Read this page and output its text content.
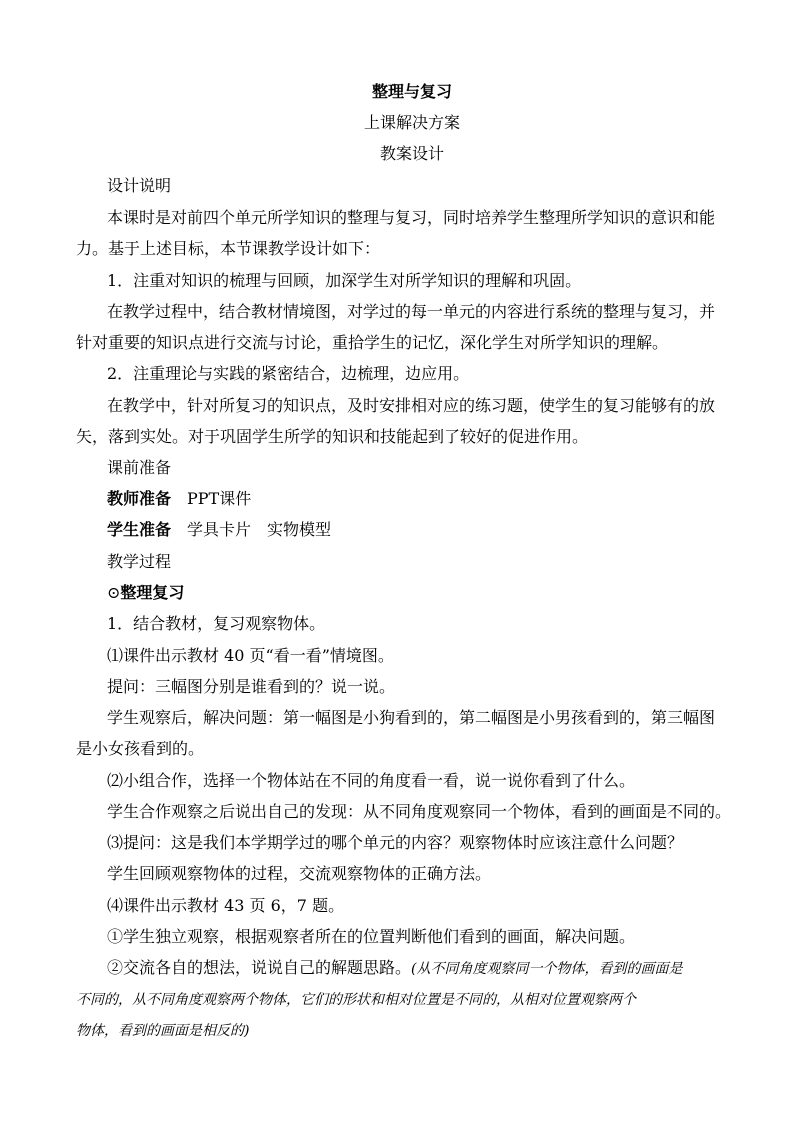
整理与复习
上课解决方案
教案设计
设计说明
本课时是对前四个单元所学知识的整理与复习，同时培养学生整理所学知识的意识和能
力。基于上述目标，本节课教学设计如下：
1．注重对知识的梳理与回顾，加深学生对所学知识的理解和巩固。
在教学过程中，结合教材情境图，对学过的每一单元的内容进行系统的整理与复习，并
针对重要的知识点进行交流与讨论，重拾学生的记忆，深化学生对所学知识的理解。
2．注重理论与实践的紧密结合，边梳理，边应用。
在教学中，针对所复习的知识点，及时安排相对应的练习题，使学生的复习能够有的放
矢，落到实处。对于巩固学生所学的知识和技能起到了较好的促进作用。
课前准备
教师准备 PPT课件
学生准备 学具卡片　实物模型
教学过程
⊙整理复习
1．结合教材，复习观察物体。
⑴课件出示教材 40 页“看一看”情境图。
提问：三幅图分别是谁看到的？说一说。
学生观察后，解决问题：第一幅图是小狗看到的，第二幅图是小男孩看到的，第三幅图
是小女孩看到的。
⑵小组合作，选择一个物体站在不同的角度看一看，说一说你看到了什么。
学生合作观察之后说出自己的发现：从不同角度观察同一个物体，看到的画面是不同的。
⑶提问：这是我们本学期学过的哪个单元的内容？观察物体时应该注意什么问题？
学生回顾观察物体的过程，交流观察物体的正确方法。
⑷课件出示教材 43 页 6，7 题。
①学生独立观察，根据观察者所在的位置判断他们看到的画面，解决问题。
②交流各自的想法，说说自己的解题思路。(从不同角度观察同一个物体，看到的画面是
不同的，从不同角度观察两个物体，它们的形状和相对位置是不同的，从相对位置观察两个
物体，看到的画面是相反的)
